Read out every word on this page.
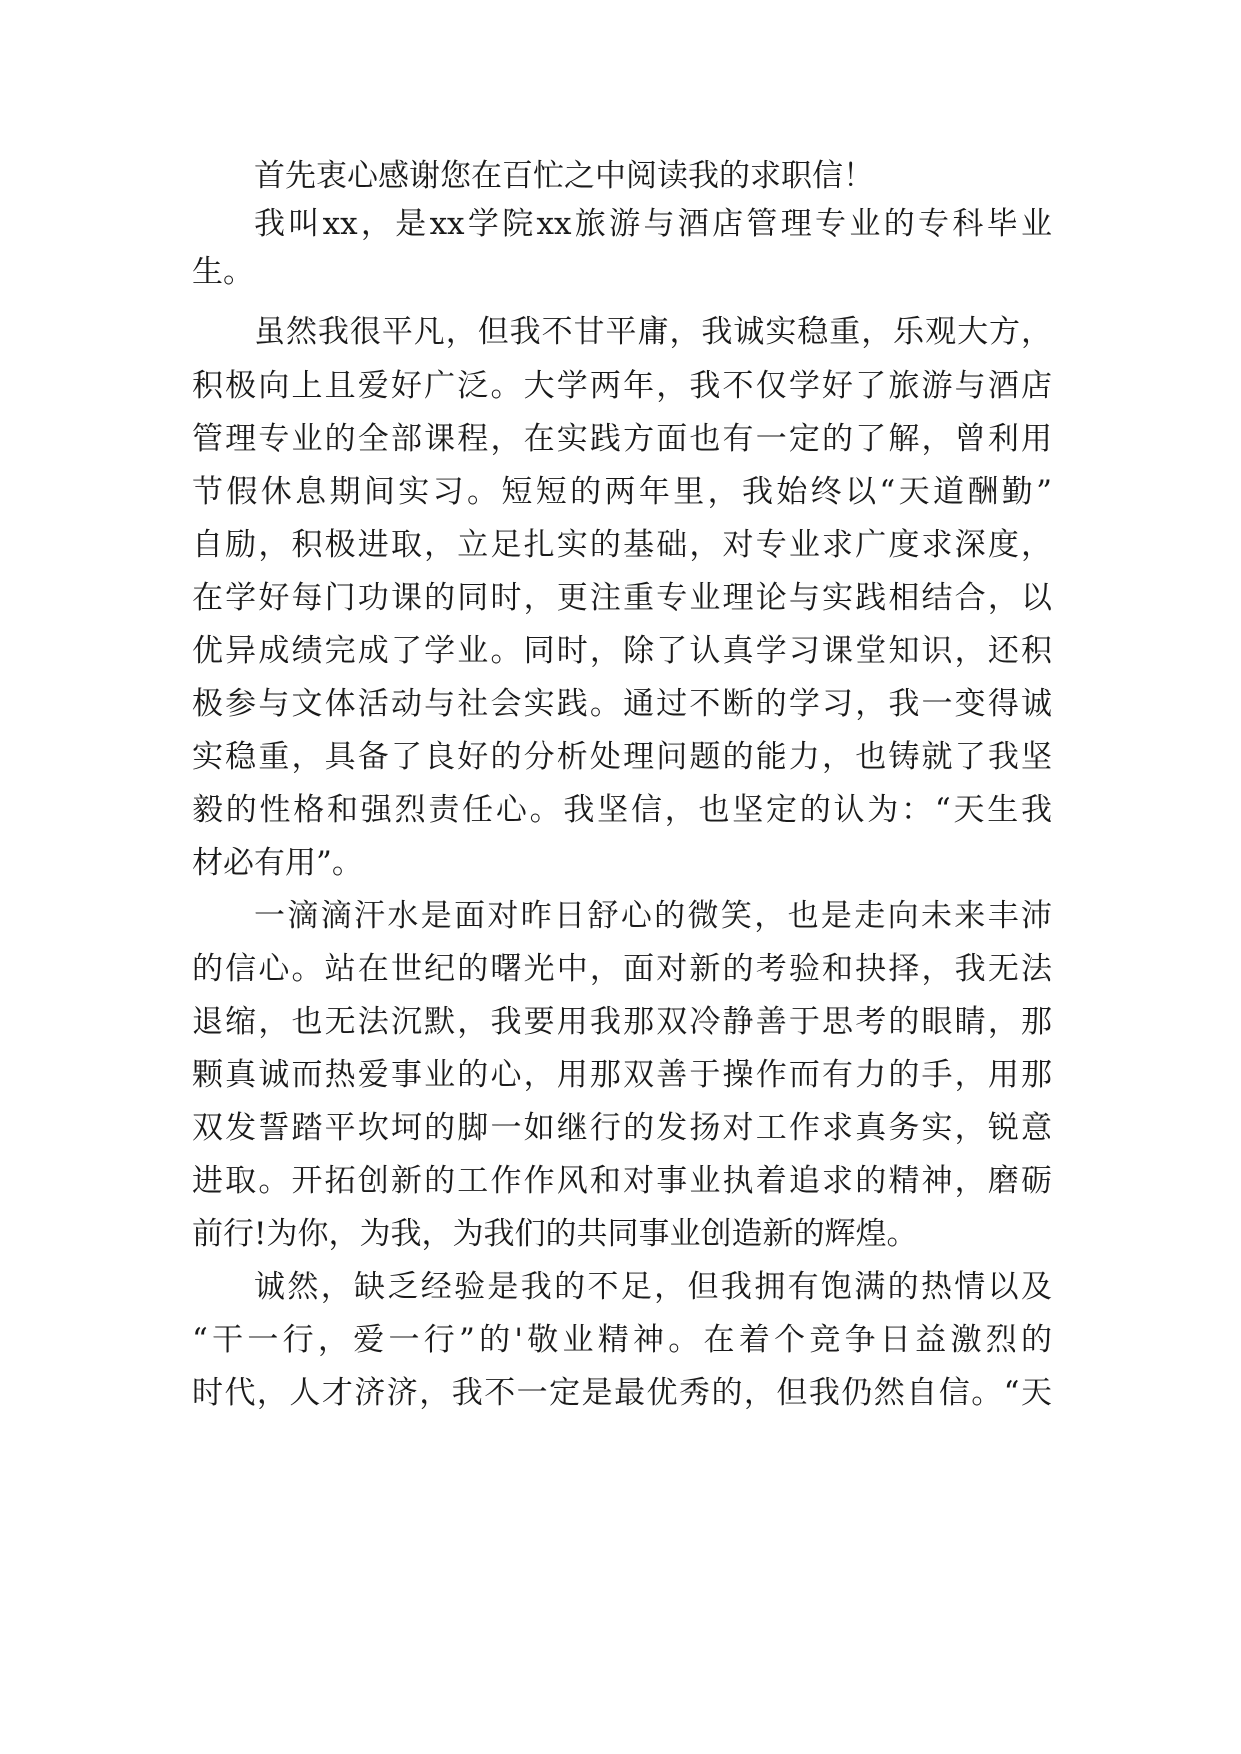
首先衷心感谢您在百忙之中阅读我的求职信！
我叫xx，是xx学院xx旅游与酒店管理专业的专科毕业
生。
虽然我很平凡，但我不甘平庸，我诚实稳重，乐观大方，
积极向上且爱好广泛。大学两年，我不仅学好了旅游与酒店
管理专业的全部课程，在实践方面也有一定的了解，曾利用
节假休息期间实习。短短的两年里，我始终以“天道酬勤”
自励，积极进取，立足扎实的基础，对专业求广度求深度，
在学好每门功课的同时，更注重专业理论与实践相结合，以
优异成绩完成了学业。同时，除了认真学习课堂知识，还积
极参与文体活动与社会实践。通过不断的学习，我一变得诚
实稳重，具备了良好的分析处理问题的能力，也铸就了我坚
毅的性格和强烈责任心。我坚信，也坚定的认为：“天生我
材必有用”。
一滴滴汗水是面对昨日舒心的微笑，也是走向未来丰沛
的信心。站在世纪的曙光中，面对新的考验和抉择，我无法
退缩，也无法沉默，我要用我那双冷静善于思考的眼睛，那
颗真诚而热爱事业的心，用那双善于操作而有力的手，用那
双发誓踏平坎坷的脚一如继行的发扬对工作求真务实，锐意
进取。开拓创新的工作作风和对事业执着追求的精神，磨砺
前行!为你，为我，为我们的共同事业创造新的辉煌。
诚然，缺乏经验是我的不足，但我拥有饱满的热情以及
“干一行，爱一行”的'敬业精神。在着个竞争日益激烈的
时代，人才济济，我不一定是最优秀的，但我仍然自信。“天
